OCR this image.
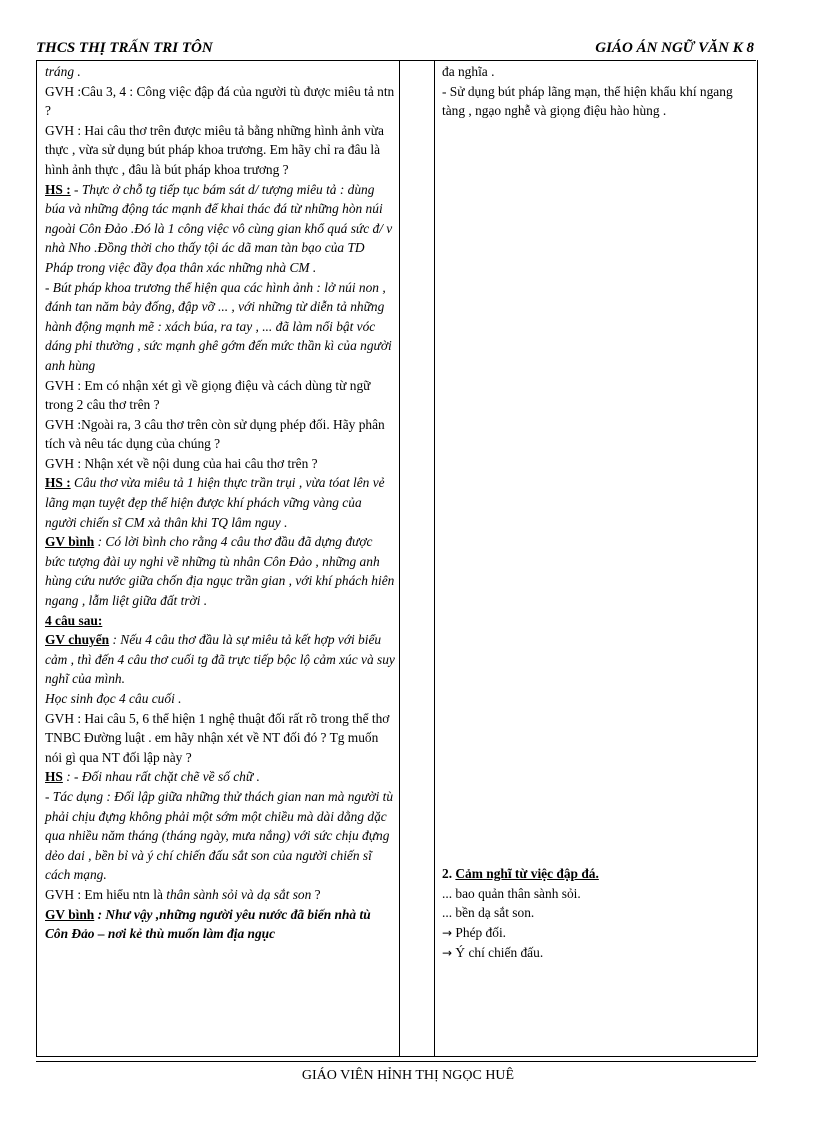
THCS THỊ TRẤN TRI TÔN	GIÁO ÁN NGỮ VĂN K 8

tráng .

GVH :Câu 3, 4 : Công việc đập đá của người tù được miêu tả ntn ?

GVH : Hai câu thơ trên được miêu tả bằng những hình ảnh vừa thực , vừa sử dụng bút pháp khoa trương. Em hãy chỉ ra đâu là hình ảnh thực , đâu là bút pháp khoa trương ?

HS : - Thực ở chỗ tg tiếp tục bám sát d/ tượng miêu tả : dùng búa và những động tác mạnh để khai thác đá từ những hòn núi ngoài Côn Đảo .Đó là 1 công việc vô cùng gian khổ quá sức đ/ v nhà Nho .Đồng thời cho thấy tội ác dã man tàn bạo của TD Pháp trong việc đầy đọa thân xác những nhà CM .

- Bút pháp khoa trương thể hiện qua các hình ảnh : lở núi non , đánh tan năm bảy đống, đập vỡ ... , với những từ diễn tả những hành động mạnh mẽ : xách búa, ra tay , ... đã làm nổi bật vóc dáng phi thường , sức mạnh ghê gớm đến mức thần kì của người anh hùng

GVH : Em có nhận xét gì về giọng điệu và cách dùng từ ngữ trong 2 câu thơ trên ?

GVH :Ngoài ra, 3 câu thơ trên còn sử dụng phép đối. Hãy phân tích và nêu tác dụng của chúng ?

GVH : Nhận xét về nội dung của hai câu thơ trên ?

HS : Câu thơ vừa miêu tả 1 hiện thực trần trụi , vừa tóat lên vẻ lãng mạn tuyệt đẹp thể hiện được khí phách vững vàng của người chiến sĩ CM xả thân khi TQ lâm nguy .

GV bình : Có lời bình cho rằng 4 câu thơ đầu đã dựng được bức tượng đài uy nghi về những tù nhân Côn Đảo , những anh hùng cứu nước giữa chốn địa ngục trần gian , với khí phách hiên ngang , lẫm liệt giữa đất trời .

4 câu sau:

GV chuyển : Nếu 4 câu thơ đầu là sự miêu tả kết hợp với biểu cảm , thì đến 4 câu thơ cuối tg đã trực tiếp bộc lộ cảm xúc và suy nghĩ của mình.

Học sinh đọc 4 câu cuối .

GVH : Hai câu 5, 6 thể hiện 1 nghệ thuật đối rất rõ trong thể thơ TNBC Đường luật . em hãy nhận xét về NT đối đó ? Tg muốn nói gì qua NT đối lập này ?

HS : - Đối nhau rất chặt chẽ về số chữ .

- Tác dụng : Đối lập giữa những thử thách gian nan mà người tù phải chịu đựng không phải một sớm một chiều mà dài dằng dặc qua nhiều năm tháng (tháng ngày, mưa nắng) với sức chịu đựng dẻo dai , bền bỉ và ý chí chiến đấu sắt son của người chiến sĩ cách mạng.

GVH : Em hiểu ntn là thân sành sỏi và dạ sắt son ?

GV bình : Như vậy ,những người yêu nước đã biến nhà tù Côn Đảo – nơi kẻ thù muốn làm địa ngục

đa nghĩa .

- Sử dụng bút pháp lãng mạn, thể hiện khẩu khí ngang tàng , ngạo nghễ và giọng điệu hào hùng .

2. Cảm nghĩ từ việc đập đá.

... bao quản thân sành sỏi.

... bền dạ sắt son.

→ Phép đối.

→ Ý chí chiến đấu.

GIÁO VIÊN HỈNH THỊ NGỌC HUÊ
